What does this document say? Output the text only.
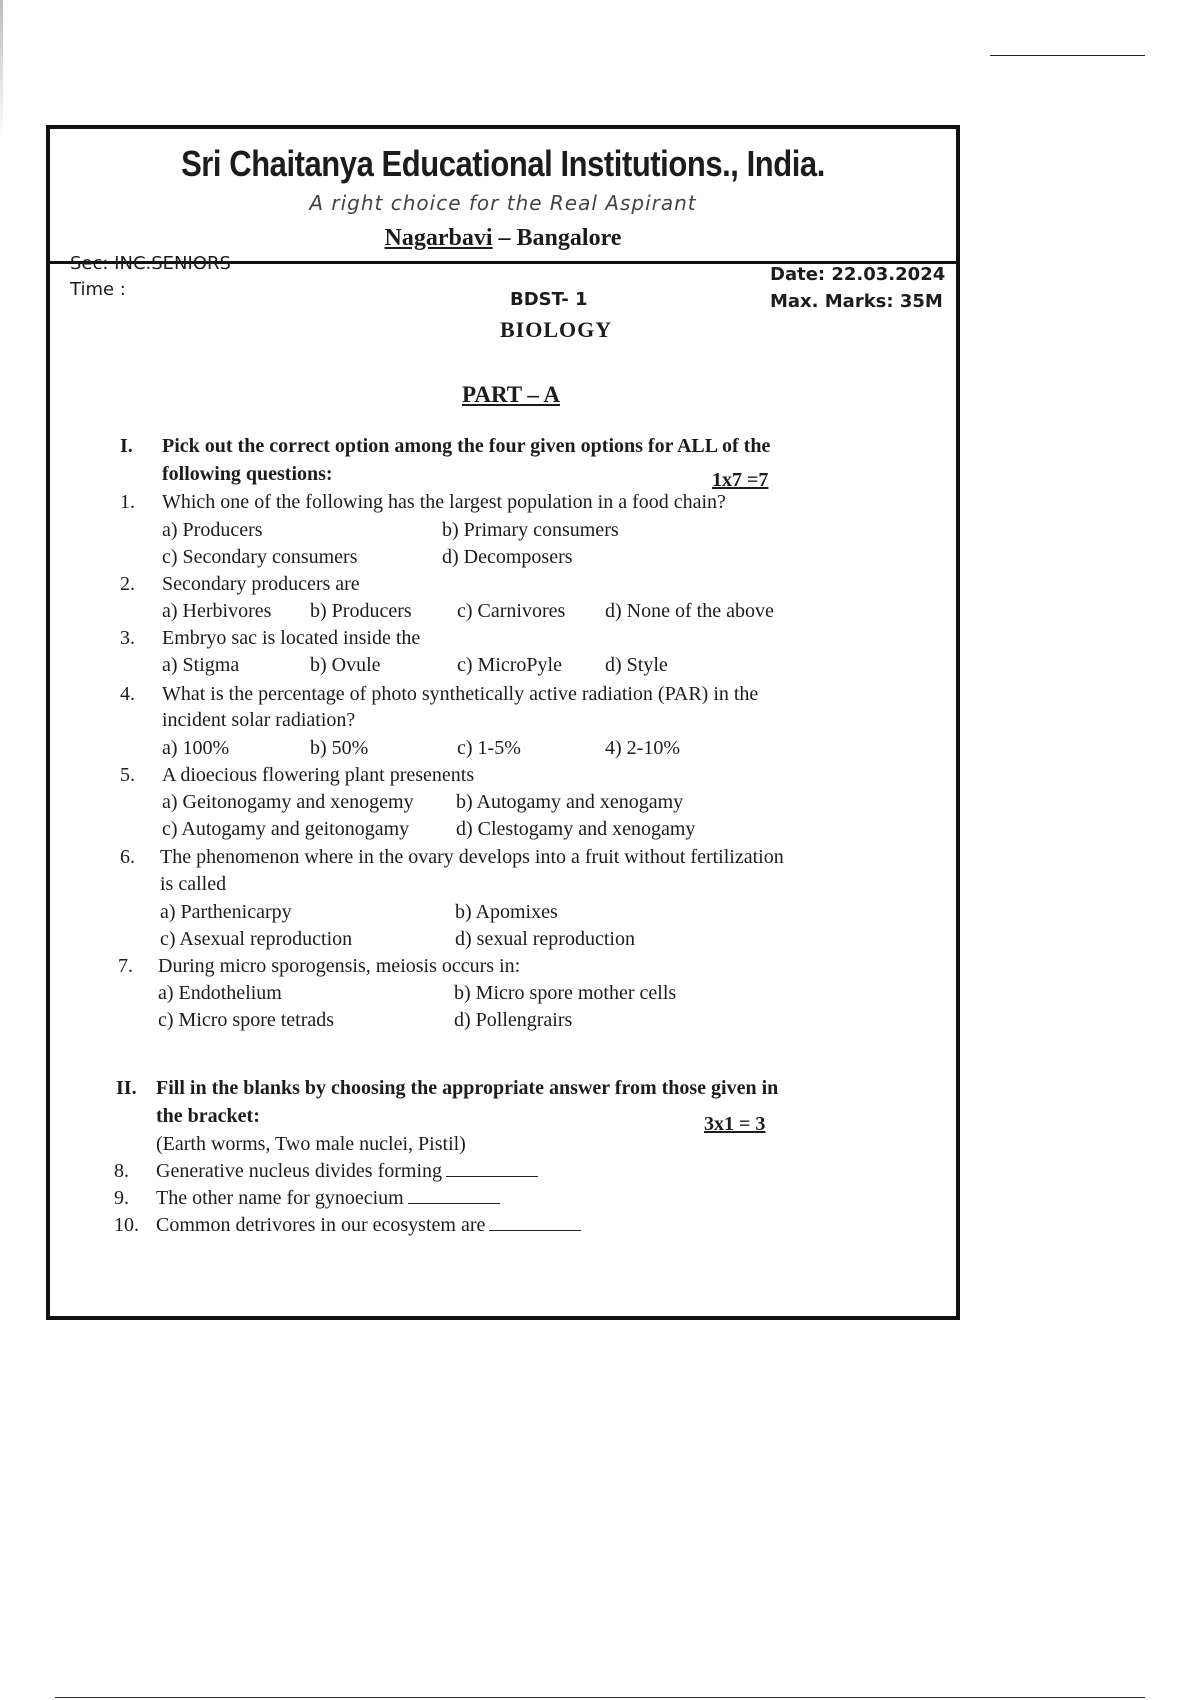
Sri Chaitanya Educational Institutions., India.
A right choice for the Real Aspirant
Nagarbavi – Bangalore
Sec: INC.SENIORS
Time :
Date: 22.03.2024
Max. Marks: 35M
BDST- 1
BIOLOGY
PART – A
I. Pick out the correct option among the four given options for ALL of the
following questions:	1x7 =7
1. Which one of the following has the largest population in a food chain?
a) Producers	b) Primary consumers
c) Secondary consumers	d) Decomposers
2. Secondary producers are
a) Herbivores b) Producers c) Carnivores d) None of the above
3. Embryo sac is located inside the
a) Stigma	b) Ovule	c) MicroPyle d) Style
4. What is the percentage of photo synthetically active radiation (PAR) in the
incident solar radiation?
a) 100%	b) 50%	c) 1-5%	4) 2-10%
5. A dioecious flowering plant presenents
a) Geitonogamy and xenogemy b) Autogamy and xenogamy
c) Autogamy and geitonogamy d) Clestogamy and xenogamy
6. The phenomenon where in the ovary develops into a fruit without fertilization
is called
a) Parthenicarpy	b) Apomixes
c) Asexual reproduction	d) sexual reproduction
7. During micro sporogensis, meiosis occurs in:
a) Endothelium	b) Micro spore mother cells
c) Micro spore tetrads	d) Pollengrairs
II. Fill in the blanks by choosing the appropriate answer from those given in
the bracket:	3x1 = 3
(Earth worms, Two male nuclei, Pistil)
8. Generative nucleus divides forming
9. The other name for gynoecium
10. Common detrivores in our ecosystem are
